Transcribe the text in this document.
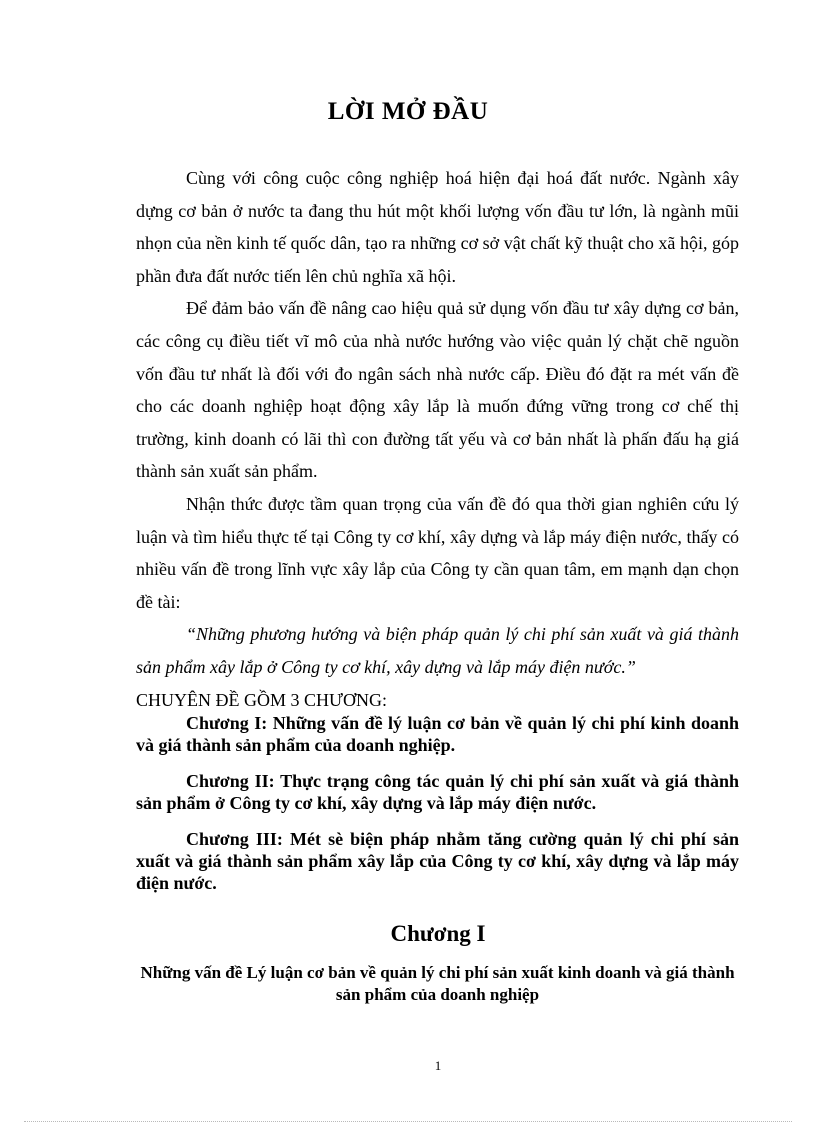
LỜI MỞ ĐẦU

Cùng với công cuộc công nghiệp hoá hiện đại hoá đất nước. Ngành xây dựng cơ bản ở nước ta đang thu hút một khối lượng vốn đầu tư lớn, là ngành mũi nhọn của nền kinh tế quốc dân, tạo ra những cơ sở vật chất kỹ thuật cho xã hội, góp phần đưa đất nước tiến lên chủ nghĩa xã hội.

Để đảm bảo vấn đề nâng cao hiệu quả sử dụng vốn đầu tư xây dựng cơ bản, các công cụ điều tiết vĩ mô của nhà nước hướng vào việc quản lý chặt chẽ nguồn vốn đầu tư nhất là đối với đo ngân sách nhà nước cấp. Điều đó đặt ra mét vấn đề cho các doanh nghiệp hoạt động xây lắp là muốn đứng vững trong cơ chế thị trường, kinh doanh có lãi thì con đường tất yếu và cơ bản nhất là phấn đấu hạ giá thành sản xuất sản phẩm.

Nhận thức được tầm quan trọng của vấn đề đó qua thời gian nghiên cứu lý luận và tìm hiểu thực tế tại Công ty cơ khí, xây dựng và lắp máy điện nước, thấy có nhiều vấn đề trong lĩnh vực xây lắp của Công ty cần quan tâm, em mạnh dạn chọn đề tài:

“Những phương hướng và biện pháp quản lý chi phí sản xuất và giá thành sản phẩm xây lắp ở Công ty cơ khí, xây dựng và lắp máy điện nước.”

CHUYÊN ĐỀ GỒM 3 CHƯƠNG:

Chương I: Những vấn đề lý luận cơ bản về quản lý chi phí kinh doanh và giá thành sản phẩm của doanh nghiệp.

Chương II: Thực trạng công tác quản lý chi phí sản xuất và giá thành sản phẩm ở Công ty cơ khí, xây dựng và lắp máy điện nước.

Chương III: Mét sè biện pháp nhằm tăng cường quản lý chi phí sản xuất và giá thành sản phẩm xây lắp của Công ty cơ khí, xây dựng và lắp máy điện nước.

Chương I

Những vấn đề Lý luận cơ bản về quản lý chi phí sản xuất kinh doanh và giá thành sản phẩm của doanh nghiệp

1
